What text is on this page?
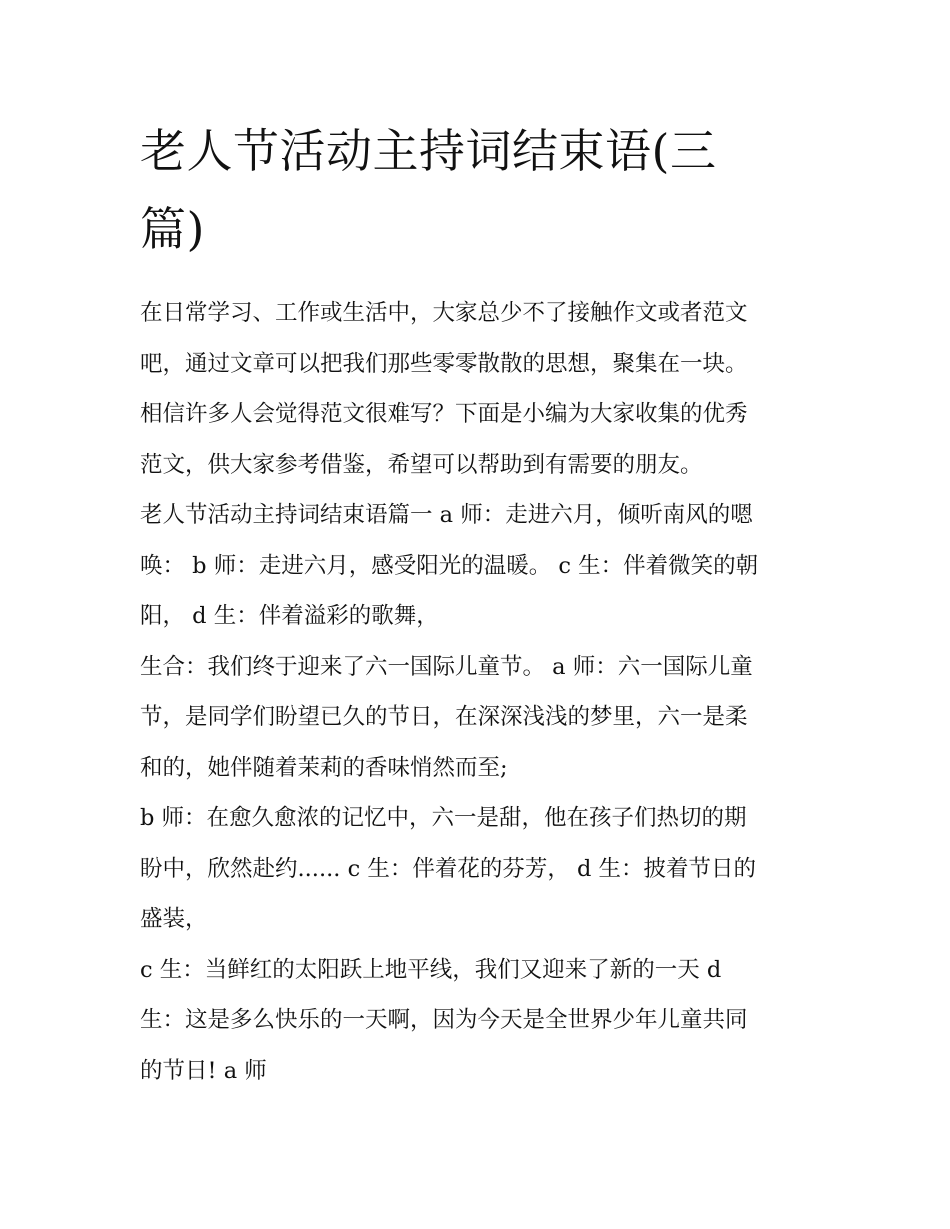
老人节活动主持词结束语(三
篇)

在日常学习、工作或生活中，大家总少不了接触作文或者范文
吧，通过文章可以把我们那些零零散散的思想，聚集在一块。
相信许多人会觉得范文很难写？下面是小编为大家收集的优秀
范文，供大家参考借鉴，希望可以帮助到有需要的朋友。

老人节活动主持词结束语篇一 a 师：走进六月，倾听南风的嗯
唤： b 师：走进六月，感受阳光的温暖。 c 生：伴着微笑的朝
阳， d 生：伴着溢彩的歌舞，

生合：我们终于迎来了六一国际儿童节。 a 师：六一国际儿童
节，是同学们盼望已久的节日，在深深浅浅的梦里，六一是柔
和的，她伴随着茉莉的香味悄然而至;

b 师：在愈久愈浓的记忆中，六一是甜，他在孩子们热切的期
盼中，欣然赴约...... c 生：伴着花的芬芳， d 生：披着节日的
盛装，

c 生：当鲜红的太阳跃上地平线，我们又迎来了新的一天 d
生：这是多么快乐的一天啊，因为今天是全世界少年儿童共同
的节日! a 师
